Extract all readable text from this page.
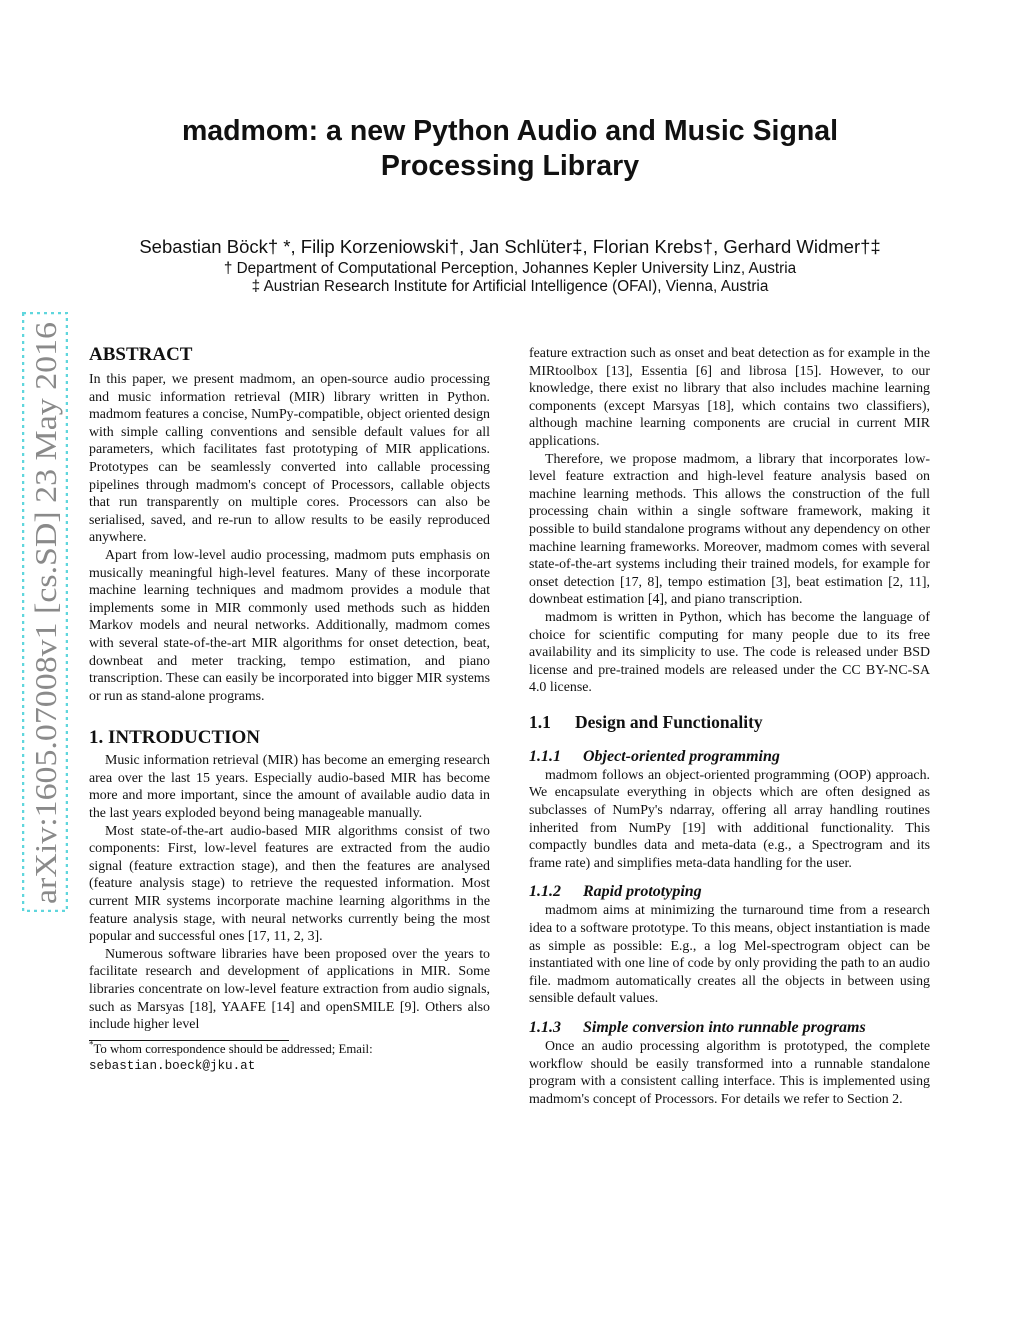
arXiv:1605.07008v1 [cs.SD] 23 May 2016
madmom: a new Python Audio and Music Signal
Processing Library

Sebastian Böck† *, Filip Korzeniowski†, Jan Schlüter‡, Florian Krebs†, Gerhard Widmer†‡

† Department of Computational Perception, Johannes Kepler University Linz, Austria

‡ Austrian Research Institute for Artificial Intelligence (OFAI), Vienna, Austria

ABSTRACT

In this paper, we present madmom, an open-source audio processing and music information retrieval (MIR) library written in Python. madmom features a concise, NumPy-compatible, object oriented design with simple calling conventions and sensible default values for all parameters, which facilitates fast prototyping of MIR applications. Prototypes can be seamlessly converted into callable processing pipelines through madmom's concept of Processors, callable objects that run transparently on multiple cores. Processors can also be serialised, saved, and re-run to allow results to be easily reproduced anywhere.

Apart from low-level audio processing, madmom puts emphasis on musically meaningful high-level features. Many of these incorporate machine learning techniques and madmom provides a module that implements some in MIR commonly used methods such as hidden Markov models and neural networks. Additionally, madmom comes with several state-of-the-art MIR algorithms for onset detection, beat, downbeat and meter tracking, tempo estimation, and piano transcription. These can easily be incorporated into bigger MIR systems or run as stand-alone programs.

1. INTRODUCTION

Music information retrieval (MIR) has become an emerging research area over the last 15 years. Especially audio-based MIR has become more and more important, since the amount of available audio data in the last years exploded beyond being manageable manually.

Most state-of-the-art audio-based MIR algorithms consist of two components: First, low-level features are extracted from the audio signal (feature extraction stage), and then the features are analysed (feature analysis stage) to retrieve the requested information. Most current MIR systems incorporate machine learning algorithms in the feature analysis stage, with neural networks currently being the most popular and successful ones [17, 11, 2, 3].

Numerous software libraries have been proposed over the years to facilitate research and development of applications in MIR. Some libraries concentrate on low-level feature extraction from audio signals, such as Marsyas [18], YAAFE [14] and openSMILE [9]. Others also include higher level

*To whom correspondence should be addressed; Email:
sebastian.boeck@jku.at

feature extraction such as onset and beat detection as for example in the MIRtoolbox [13], Essentia [6] and librosa [15]. However, to our knowledge, there exist no library that also includes machine learning components (except Marsyas [18], which contains two classifiers), although machine learning components are crucial in current MIR applications.

Therefore, we propose madmom, a library that incorporates low-level feature extraction and high-level feature analysis based on machine learning methods. This allows the construction of the full processing chain within a single software framework, making it possible to build standalone programs without any dependency on other machine learning frameworks. Moreover, madmom comes with several state-of-the-art systems including their trained models, for example for onset detection [17, 8], tempo estimation [3], beat estimation [2, 11], downbeat estimation [4], and piano transcription.

madmom is written in Python, which has become the language of choice for scientific computing for many people due to its free availability and its simplicity to use. The code is released under BSD license and pre-trained models are released under the CC BY-NC-SA 4.0 license.

1.1 Design and Functionality
1.1.1 Object-oriented programming

madmom follows an object-oriented programming (OOP) approach. We encapsulate everything in objects which are often designed as subclasses of NumPy's ndarray, offering all array handling routines inherited from NumPy [19] with additional functionality. This compactly bundles data and meta-data (e.g., a Spectrogram and its frame rate) and simplifies meta-data handling for the user.

1.1.2 Rapid prototyping

madmom aims at minimizing the turnaround time from a research idea to a software prototype. To this means, object instantiation is made as simple as possible: E.g., a log Mel-spectrogram object can be instantiated with one line of code by only providing the path to an audio file. madmom automatically creates all the objects in between using sensible default values.

1.1.3 Simple conversion into runnable programs

Once an audio processing algorithm is prototyped, the complete workflow should be easily transformed into a runnable standalone program with a consistent calling interface. This is implemented using madmom's concept of Processors. For details we refer to Section 2.
